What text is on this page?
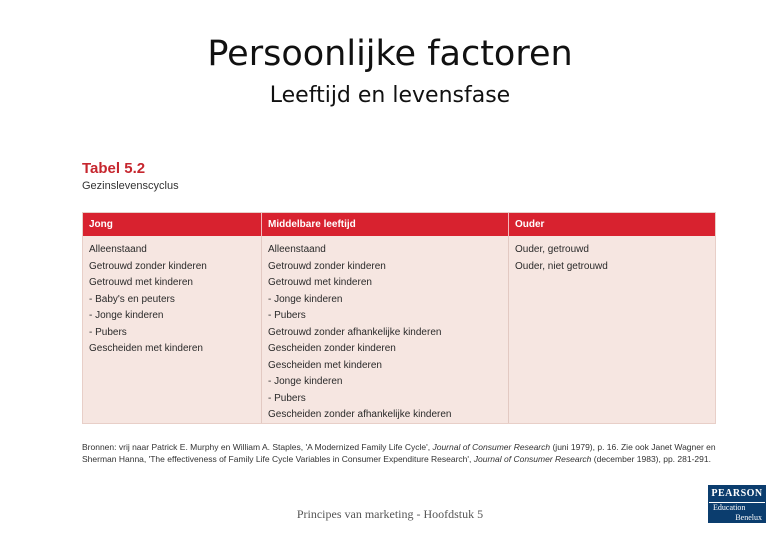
Persoonlijke factoren
Leeftijd en levensfase
Tabel 5.2
Gezinslevenscyclus
Jong	Middelbare leeftijd	Ouder
Alleenstaand
Getrouwd zonder kinderen
Getrouwd met kinderen
- Baby's en peuters
- Jonge kinderen
- Pubers
Gescheiden met kinderen
Alleenstaand
Getrouwd zonder kinderen
Getrouwd met kinderen
- Jonge kinderen
- Pubers
Getrouwd zonder afhankelijke kinderen
Gescheiden zonder kinderen
Gescheiden met kinderen
- Jonge kinderen
- Pubers
Gescheiden zonder afhankelijke kinderen
Ouder, getrouwd
Ouder, niet getrouwd
Bronnen: vrij naar Patrick E. Murphy en William A. Staples, 'A Modernized Family Life Cycle', Journal of Consumer Research (juni 1979), p. 16. Zie ook Janet Wagner en Sherman Hanna, 'The effectiveness of Family Life Cycle Variables in Consumer Expenditure Research', Journal of Consumer Research (december 1983), pp. 281-291.
Principes van marketing - Hoofdstuk 5
PEARSON
Education
Benelux
